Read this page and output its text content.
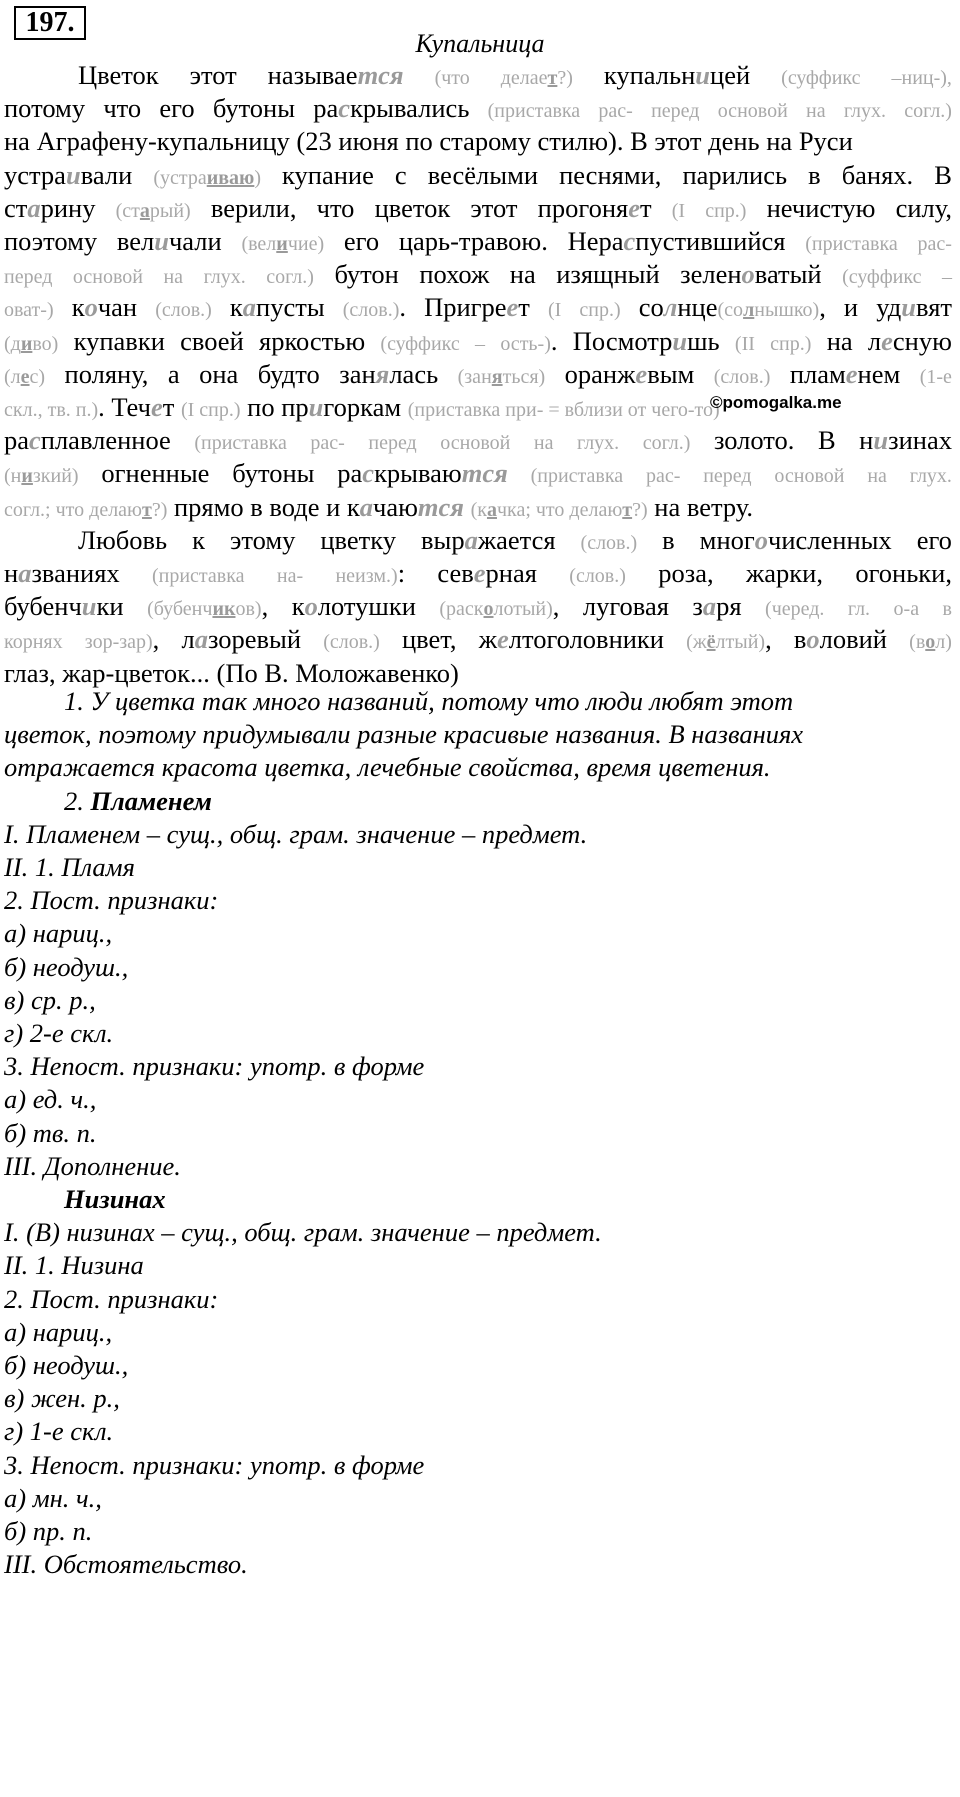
197.
Купальница
Цветок этот называется (что делает?) купальницей (суффикс –ниц-),
потому что его бутоны раскрывались (приставка рас- перед основой на глух. согл.)
на Аграфену-купальницу (23 июня по старому стилю). В этот день на Руси
устраивали (устраиваю) купание с весёлыми песнями, парились в банях. В
старину (старый) верили, что цветок этот прогоняет (I спр.) нечистую силу,
поэтому величали (величие) его царь-травою. Нераспустившийся (приставка рас-
перед основой на глух. согл.) бутон похож на изящный зеленоватый (суффикс –
оват-) кочан (слов.) капусты (слов.). Пригреет (I спр.) солнце(солнышко), и удивят
(диво) купавки своей яркостью (суффикс – ость-). Посмотришь (II спр.) на лесную
(лес) поляну, а она будто занялась (заняться) оранжевым (слов.) пламенем (1-е
скл., тв. п.). Течет (I спр.) по пригоркам (приставка при- = вблизи от чего-то)
расплавленное (приставка рас- перед основой на глух. согл.) золото. В низинах
(низкий) огненные бутоны раскрываются (приставка рас- перед основой на глух.
согл.; что делают?) прямо в воде и качаются (качка; что делают?) на ветру.
Любовь к этому цветку выражается (слов.) в многочисленных его
названиях (приставка на- неизм.): северная (слов.) роза, жарки, огоньки,
бубенчики (бубенчиков), колотушки (расколотый), луговая заря (черед. гл. о-а в
корнях зор-зар), лазоревый (слов.) цвет, желтоголовники (жёлтый), воловий (вол)
глаз, жар-цветок... (По В. Моложавенко)
1. У цветка так много названий, потому что люди любят этот
цветок, поэтому придумывали разные красивые названия. В названиях
отражается красота цветка, лечебные свойства, время цветения.
2. Пламенем
I. Пламенем – сущ., общ. грам. значение – предмет.
II. 1. Пламя
2. Пост. признаки:
а) нариц.,
б) неодуш.,
в) ср. р.,
г) 2-е скл.
3. Непост. признаки: употр. в форме
а) ед. ч.,
б) тв. п.
III. Дополнение.
Низинах
I. (В) низинах – сущ., общ. грам. значение – предмет.
II. 1. Низина
2. Пост. признаки:
а) нариц.,
б) неодуш.,
в) жен. р.,
г) 1-е скл.
3. Непост. признаки: употр. в форме
а) мн. ч.,
б) пр. п.
III. Обстоятельство.
©pomogalka.me
